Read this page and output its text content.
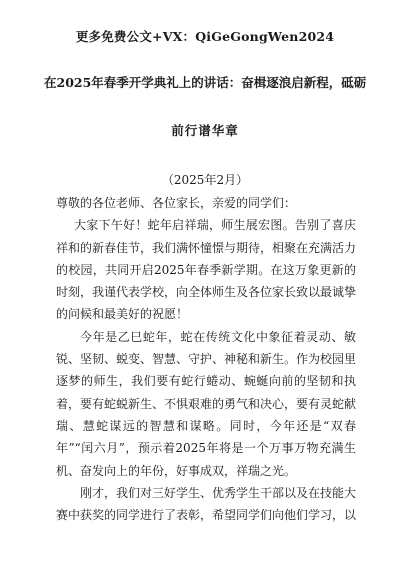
更多免费公文+VX：QiGeGongWen2024
在2025年春季开学典礼上的讲话：奋楫逐浪启新程，砥砺
前行谱华章
（2025年2月）

尊敬的各位老师、各位家长，亲爱的同学们：

大家下午好！蛇年启祥瑞，师生展宏图。告别了喜庆祥和的新春佳节，我们满怀憧憬与期待，相聚在充满活力的校园，共同开启2025年春季新学期。在这万象更新的时刻，我谨代表学校，向全体师生及各位家长致以最诚挚的问候和最美好的祝愿！

今年是乙巳蛇年，蛇在传统文化中象征着灵动、敏锐、坚韧、蜕变、智慧、守护、神秘和新生。作为校园里逐梦的师生，我们要有蛇行蜷动、蜿蜒向前的坚韧和执着，要有蛇蜕新生、不惧艰难的勇气和决心，要有灵蛇献瑞、慧蛇谋远的智慧和谋略。同时，今年还是“双春年”“闰六月”，预示着2025年将是一个万事万物充满生机、奋发向上的年份，好事成双，祥瑞之光。

刚才，我们对三好学生、优秀学生干部以及在技能大赛中获奖的同学进行了表彰，希望同学们向他们学习，以
